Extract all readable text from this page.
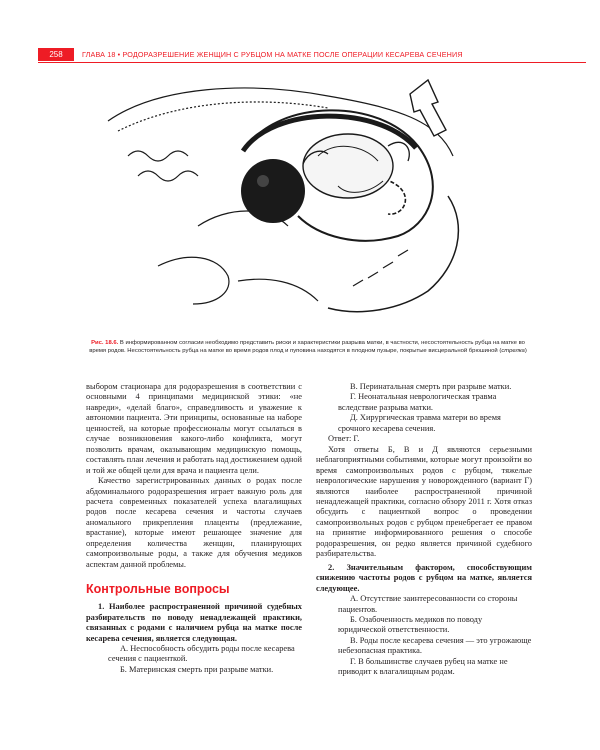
258	ГЛАВА 18 • РОДОРАЗРЕШЕНИЕ ЖЕНЩИН С РУБЦОМ НА МАТКЕ ПОСЛЕ ОПЕРАЦИИ КЕСАРЕВА СЕЧЕНИЯ
Рис. 18.6. В информированном согласии необходимо представить риски и характеристики разрыва матки, в частности, несостоятельность рубца на матке во время родов. Несостоятельность рубца на матке во время родов плод и пуповина находятся в плодном пузыре, покрытые висцеральной брюшиной (стрелка)

выбором стационара для родоразрешения в соответствии с основными 4 принципами медицинской этики: «не навреди», «делай благо», справедливость и уважение к автономии пациента. Эти принципы, основанные на наборе ценностей, на которые профессионалы могут ссылаться в случае возникновения какого-либо конфликта, могут позволить врачам, оказывающим медицинскую помощь, составлять план лечения и работать над достижением одной и той же общей цели для врача и пациента цели.

Качество зарегистрированных данных о родах после абдоминального родоразрешения играет важную роль для расчета современных показателей успеха влагалищных родов после кесарева сечения и частоты случаев аномального прикрепления плаценты (предлежание, врастание), которые имеют решающее значение для определения количества женщин, планирующих самопроизвольные роды, а также для обучения медиков аспектам данной проблемы.

Контрольные вопросы

1. Наиболее распространенной причиной судебных разбирательств по поводу ненадлежащей практики, связанных с родами с наличием рубца на матке после кесарева сечения, является следующая.

А. Неспособность обсудить роды после кесарева сечения с пациенткой.

Б. Материнская смерть при разрыве матки.

В. Перинатальная смерть при разрыве матки.

Г. Неонатальная неврологическая травма вследствие разрыва матки.

Д. Хирургическая травма матери во время срочного кесарева сечения.

Ответ: Г.

Хотя ответы Б, В и Д являются серьезными неблагоприятными событиями, которые могут произойти во время самопроизвольных родов с рубцом, тяжелые неврологические нарушения у новорожденного (вариант Г) являются наиболее распространенной причиной ненадлежащей практики, согласно обзору 2011 г. Хотя отказ обсудить с пациенткой вопрос о проведении самопроизвольных родов с рубцом пренебрегает ее правом на принятие информированного решения о способе родоразрешения, он редко является причиной судебного разбирательства.

2. Значительным фактором, способствующим снижению частоты родов с рубцом на матке, является следующее.

А. Отсутствие заинтересованности со стороны пациентов.

Б. Озабоченность медиков по поводу юридической ответственности.

В. Роды после кесарева сечения — это угрожающе небезопасная практика.

Г. В большинстве случаев рубец на матке не приводит к влагалищным родам.
